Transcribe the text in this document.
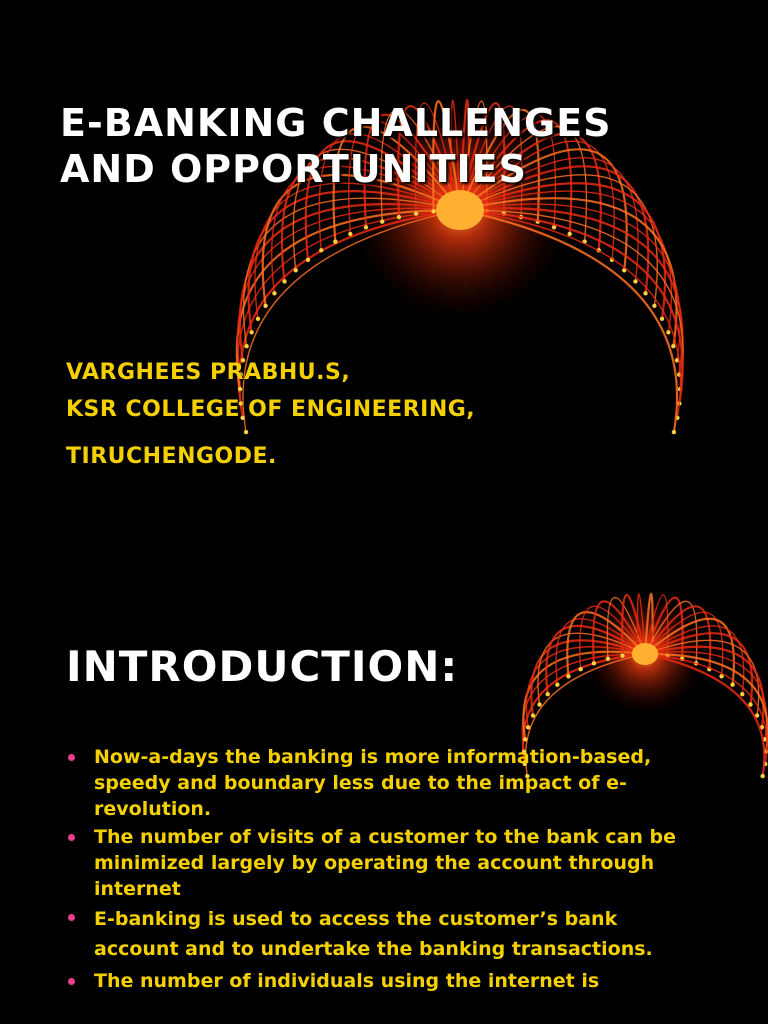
E-BANKING CHALLENGES
AND OPPORTUNITIES
VARGHEES PRABHU.S,
KSR COLLEGE OF ENGINEERING,
TIRUCHENGODE.
INTRODUCTION:
Now-a-days the banking is more information-based, speedy and boundary less due to the impact of e-revolution.
The number of visits of a customer to the bank can be minimized largely by operating the account through internet
E-banking is used to access the customer’s bank account and to undertake the banking transactions.
The number of individuals using the internet is
